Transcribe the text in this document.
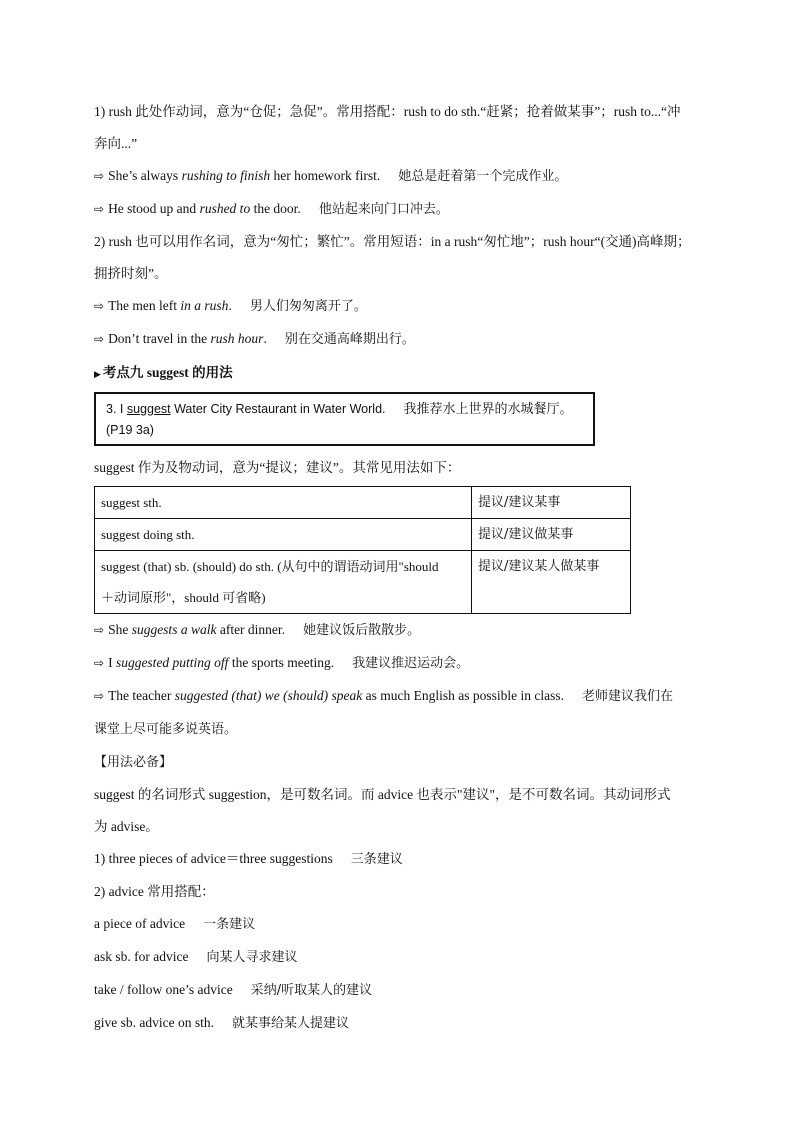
1) rush 此处作动词，意为“仓促；急促”。常用搭配：rush to do sth.“赶紧；抢着做某事”；rush to...“冲
奔向...”
⇨ She’s always rushing to finish her homework first. 她总是赶着第一个完成作业。
⇨ He stood up and rushed to the door. 他站起来向门口冲去。
2) rush 也可以用作名词，意为“匆忙；繁忙”。常用短语：in a rush“匆忙地”；rush hour“(交通)高峰期；
拥挤时刻”。
⇨ The men left in a rush. 男人们匆匆离开了。
⇨ Don’t travel in the rush hour. 别在交通高峰期出行。
▶ 考点九 suggest 的用法
3. I suggest Water City Restaurant in Water World. 我推荐水上世界的水城餐厅。
(P19 3a)
suggest 作为及物动词，意为“提议；建议”。其常见用法如下：
suggest sth.	提议/建议某事
suggest doing sth.	提议/建议做某事

suggest (that) sb. (should) do sth. (从句中的谓语动词用"should
＋动词原形"，should 可省略)	提议/建议某人做某事
⇨ She suggests a walk after dinner. 她建议饭后散散步。
⇨ I suggested putting off the sports meeting. 我建议推迟运动会。
⇨ The teacher suggested (that) we (should) speak as much English as possible in class. 老师建议我们在
课堂上尽可能多说英语。
【用法必备】
suggest 的名词形式 suggestion，是可数名词。而 advice 也表示"建议"，是不可数名词。其动词形式
为 advise。
1) three pieces of advice＝three suggestions 三条建议
2) advice 常用搭配：
a piece of advice 一条建议
ask sb. for advice 向某人寻求建议
take / follow one’s advice 采纳/听取某人的建议
give sb. advice on sth. 就某事给某人提建议
